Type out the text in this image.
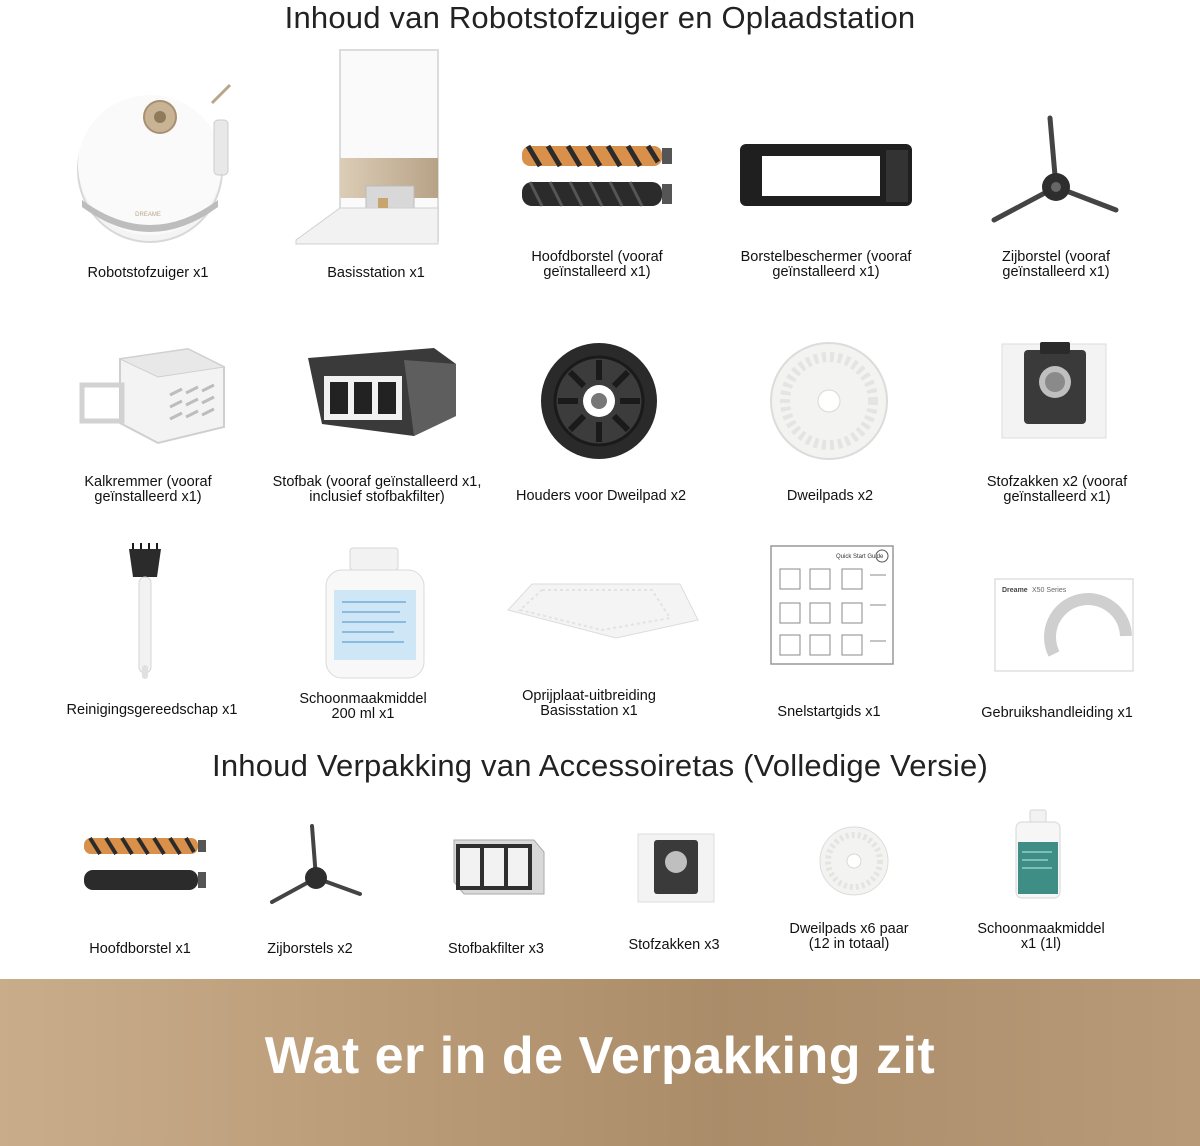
Inhoud van Robotstofzuiger en Oplaadstation
DREAME
Robotstofzuiger x1	Basisstation x1
Hoofdborstel (vooraf
geïnstalleerd x1)
Borstelbeschermer (vooraf
geïnstalleerd x1)
Zijborstel (vooraf
geïnstalleerd x1)
Kalkremmer (vooraf
geïnstalleerd x1)
Stofbak (vooraf geïnstalleerd x1,
inclusief stofbakfilter)	Houders voor Dweilpad x2	Dweilpads x2
Stofzakken x2 (vooraf
geïnstalleerd x1)
Quick Start Guide
Dreame X50 Series
Reinigingsgereedschap x1
Schoonmaakmiddel
200 ml x1
Oprijplaat-uitbreiding
Basisstation x1	Snelstartgids x1	Gebruikshandleiding x1
Inhoud Verpakking van Accessoiretas (Volledige Versie)
Hoofdborstel x1	Zijborstels x2	Stofbakfilter x3	Stofzakken x3
Dweilpads x6 paar
(12 in totaal)
Schoonmaakmiddel
x1 (1l)
Wat er in de Verpakking zit
